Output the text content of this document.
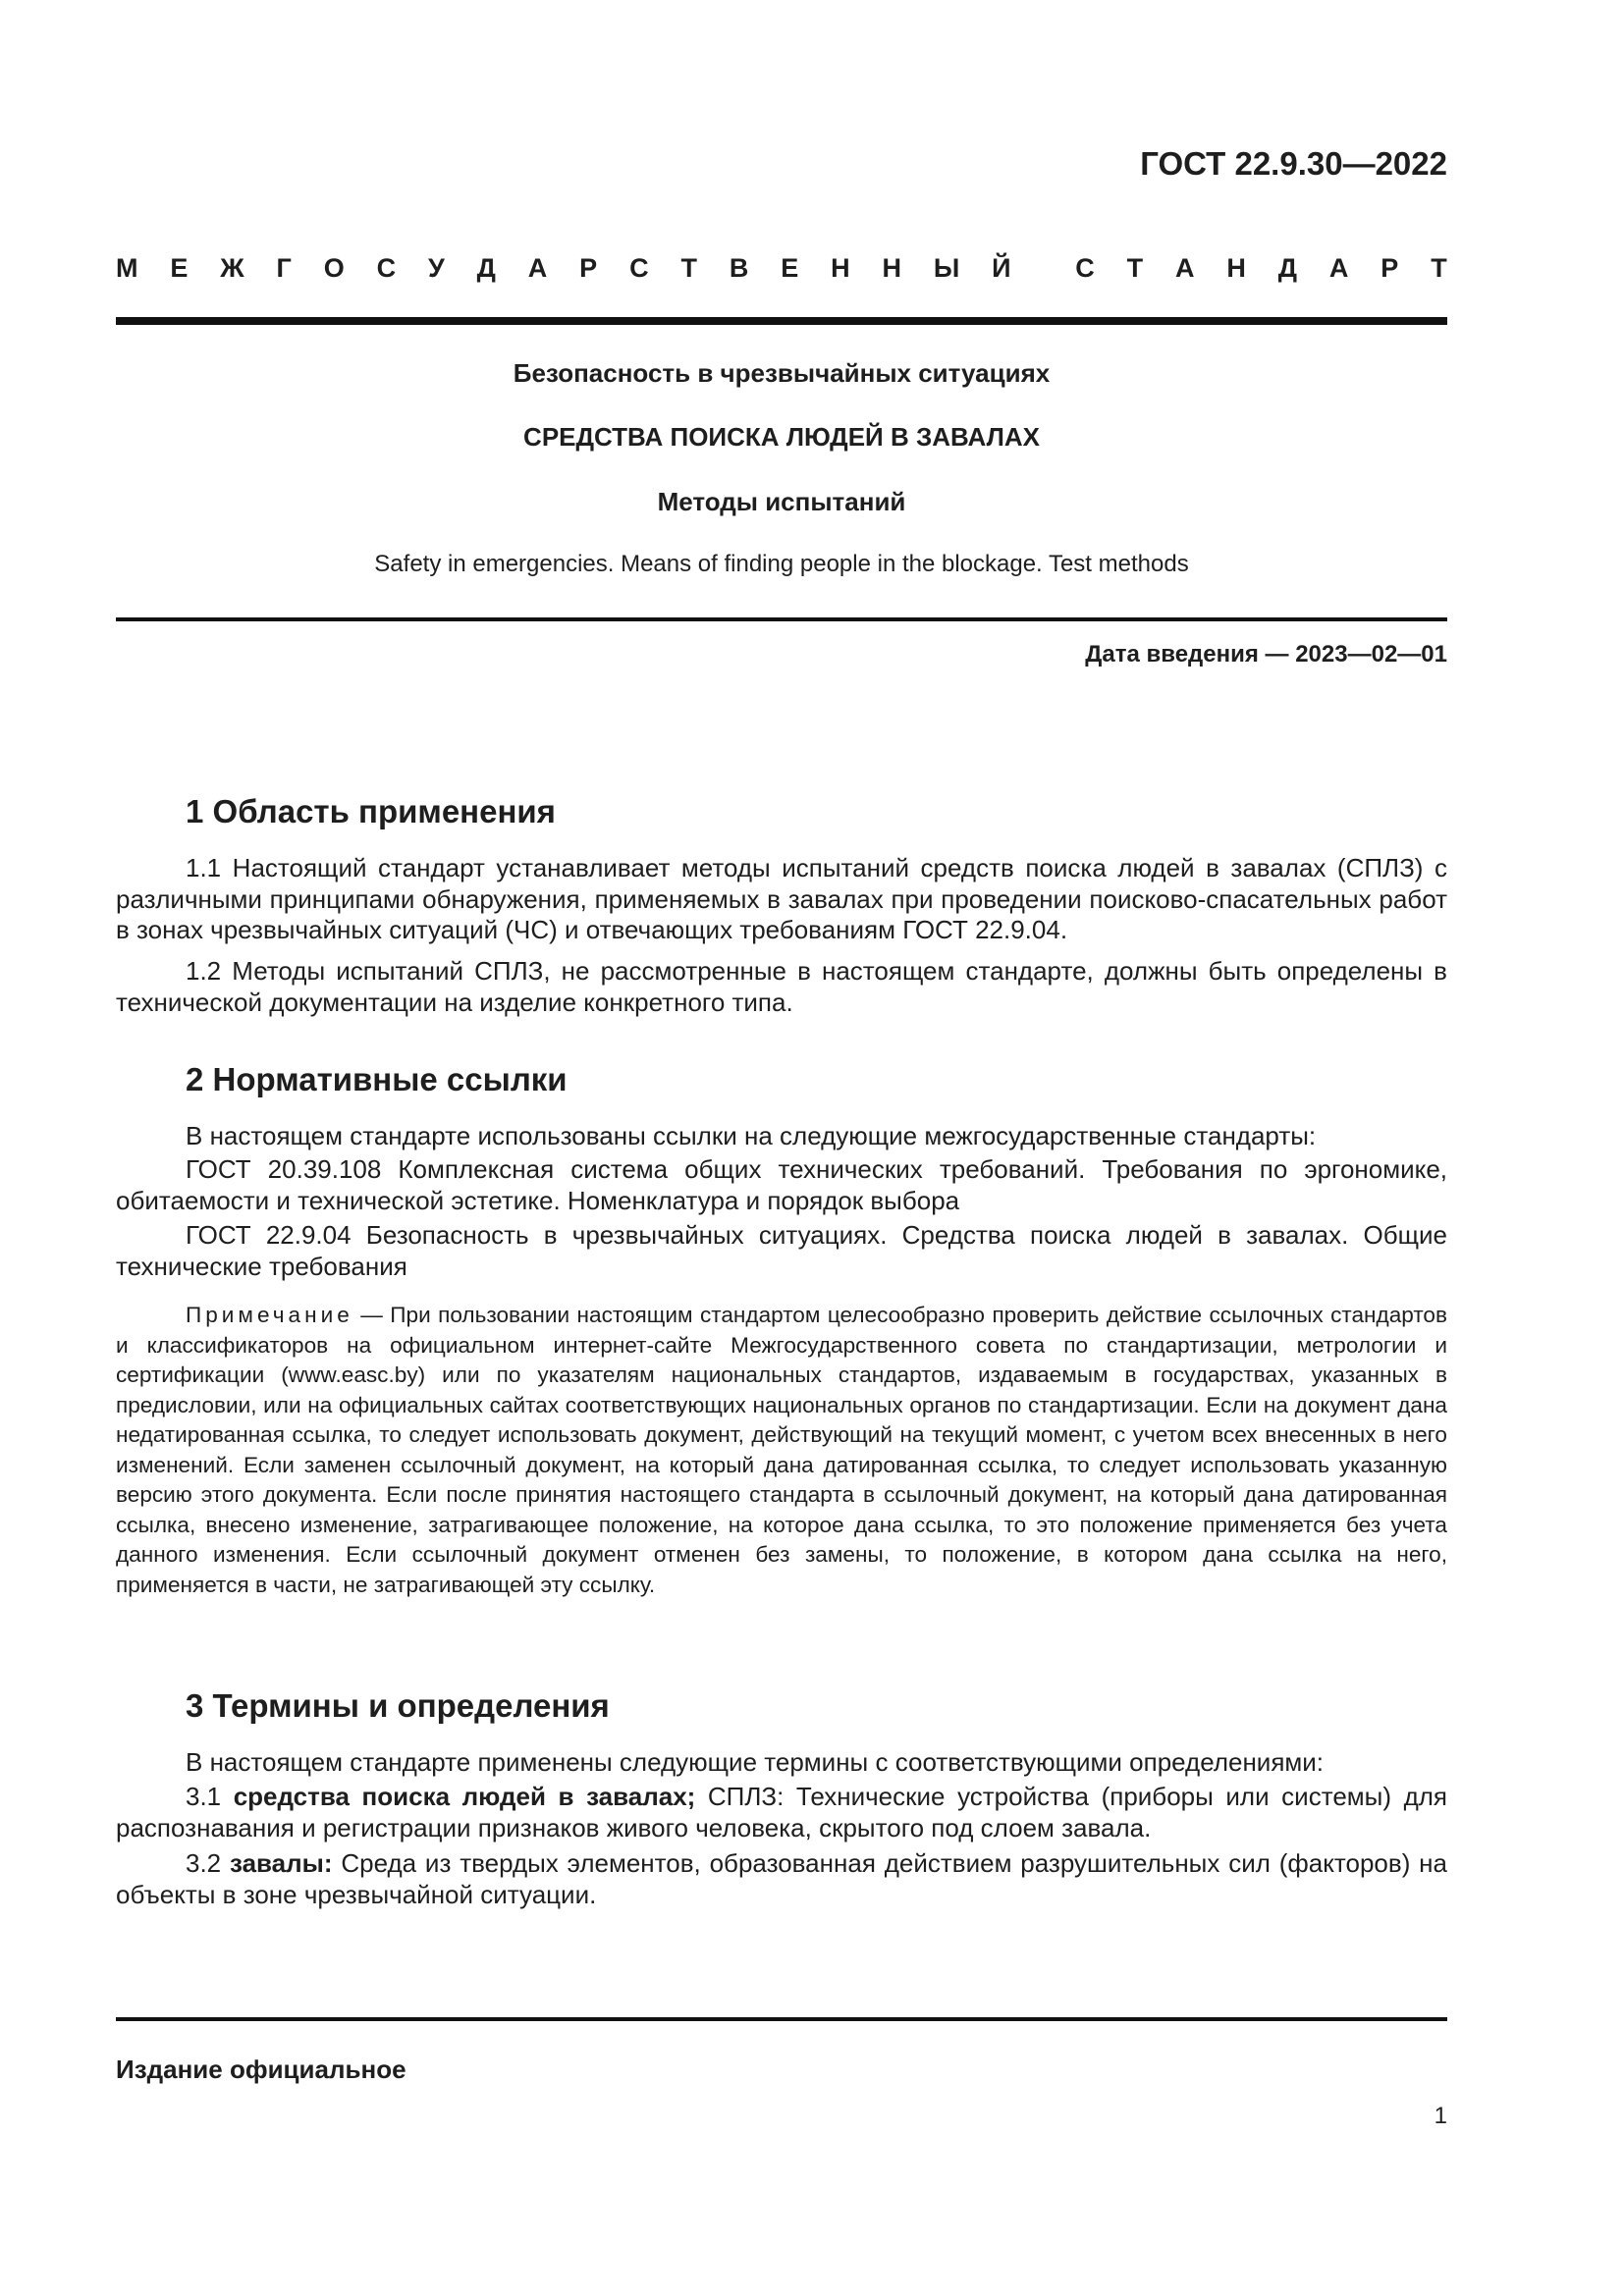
ГОСТ 22.9.30—2022
М Е Ж Г О С У Д А Р С Т В Е Н Н Ы Й С Т А Н Д А Р Т
Безопасность в чрезвычайных ситуациях
СРЕДСТВА ПОИСКА ЛЮДЕЙ В ЗАВАЛАХ
Методы испытаний
Safety in emergencies. Means of finding people in the blockage. Test methods
Дата введения — 2023—02—01
1 Область применения

1.1 Настоящий стандарт устанавливает методы испытаний средств поиска людей в завалах (СПЛЗ) с различными принципами обнаружения, применяемых в завалах при проведении поисково-спасательных работ в зонах чрезвычайных ситуаций (ЧС) и отвечающих требованиям ГОСТ 22.9.04.

1.2 Методы испытаний СПЛЗ, не рассмотренные в настоящем стандарте, должны быть определены в технической документации на изделие конкретного типа.

2 Нормативные ссылки

В настоящем стандарте использованы ссылки на следующие межгосударственные стандарты:

ГОСТ 20.39.108 Комплексная система общих технических требований. Требования по эргономике, обитаемости и технической эстетике. Номенклатура и порядок выбора

ГОСТ 22.9.04 Безопасность в чрезвычайных ситуациях. Средства поиска людей в завалах. Общие технические требования

Примечание — При пользовании настоящим стандартом целесообразно проверить действие ссылочных стандартов и классификаторов на официальном интернет-сайте Межгосударственного совета по стандартизации, метрологии и сертификации (www.easc.by) или по указателям национальных стандартов, издаваемым в государствах, указанных в предисловии, или на официальных сайтах соответствующих национальных органов по стандартизации. Если на документ дана недатированная ссылка, то следует использовать документ, действующий на текущий момент, с учетом всех внесенных в него изменений. Если заменен ссылочный документ, на который дана датированная ссылка, то следует использовать указанную версию этого документа. Если после принятия настоящего стандарта в ссылочный документ, на который дана датированная ссылка, внесено изменение, затрагивающее положение, на которое дана ссылка, то это положение применяется без учета данного изменения. Если ссылочный документ отменен без замены, то положение, в котором дана ссылка на него, применяется в части, не затрагивающей эту ссылку.

3 Термины и определения

В настоящем стандарте применены следующие термины с соответствующими определениями:

3.1 средства поиска людей в завалах; СПЛЗ: Технические устройства (приборы или системы) для распознавания и регистрации признаков живого человека, скрытого под слоем завала.

3.2 завалы: Среда из твердых элементов, образованная действием разрушительных сил (факторов) на объекты в зоне чрезвычайной ситуации.

Издание официальное
1
